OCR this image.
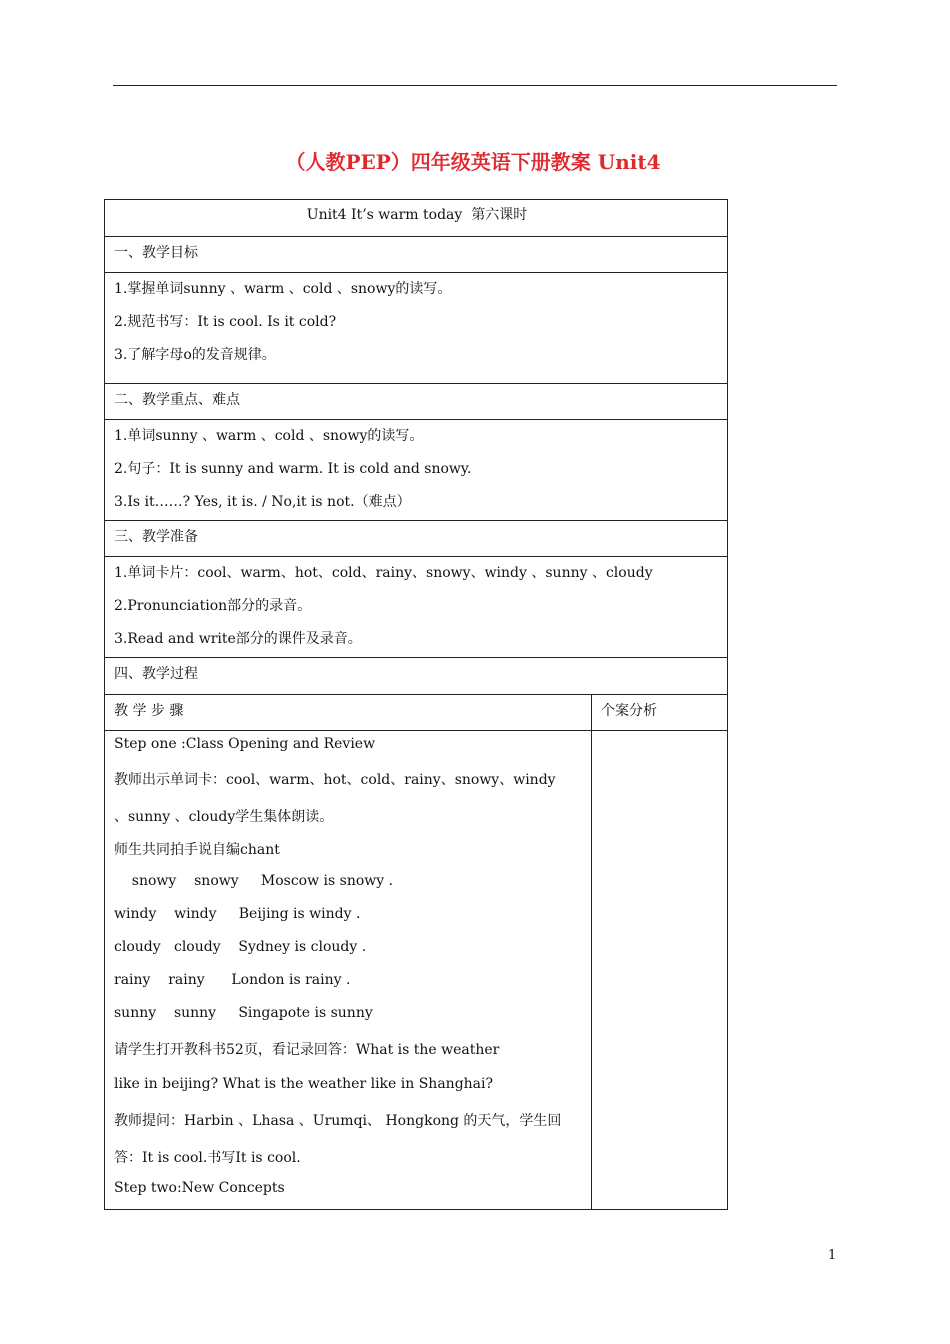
（人教PEP）四年级英语下册教案 Unit4
Unit4 It’s warm today  第六课时
一、教学目标
1.掌握单词sunny 、warm 、cold 、snowy的读写。
2.规范书写：It is cool. Is it cold?
3.了解字母o的发音规律。
二、教学重点、难点
1.单词sunny 、warm 、cold 、snowy的读写。
2.句子：It is sunny and warm. It is cold and snowy.
3.Is it……? Yes, it is. / No,it is not.（难点）
三、教学准备
1.单词卡片：cool、warm、hot、cold、rainy、snowy、windy 、sunny 、cloudy
2.Pronunciation部分的录音。
3.Read and write部分的课件及录音。
四、教学过程
教 学 步 骤	个案分析
Step one :Class Opening and Review
教师出示单词卡：cool、warm、hot、cold、rainy、snowy、windy
、sunny 、cloudy学生集体朗读。
师生共同拍手说自编chant
snowy    snowy     Moscow is snowy .
windy    windy     Beijing is windy .
cloudy   cloudy    Sydney is cloudy .
rainy    rainy      London is rainy .
sunny    sunny     Singapote is sunny
请学生打开教科书52页，看记录回答：What is the weather
like in beijing? What is the weather like in Shanghai?
教师提问：Harbin 、Lhasa 、Urumqi、 Hongkong 的天气，学生回
答：It is cool.书写It is cool.
Step two:New Concepts
1
